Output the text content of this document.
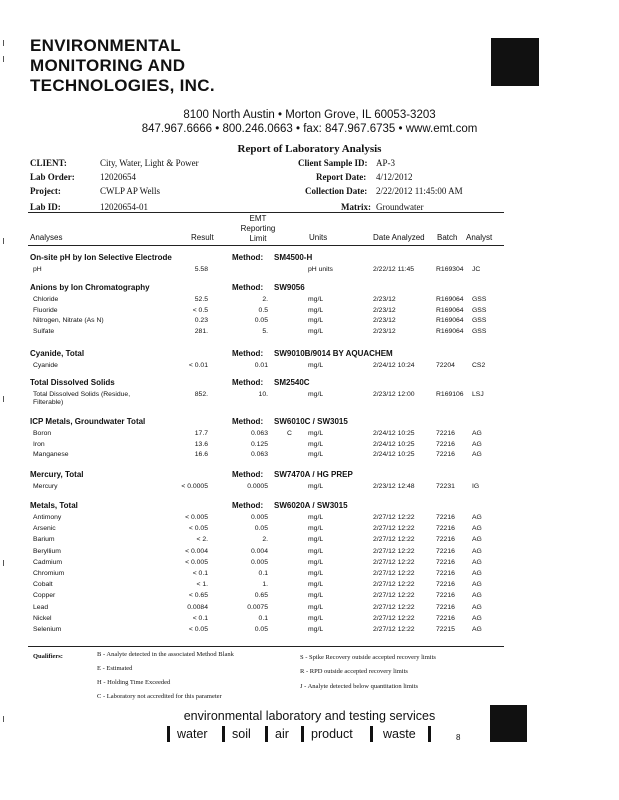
ENVIRONMENTAL
MONITORING AND
TECHNOLOGIES, INC.
8100 North Austin • Morton Grove, IL 60053-3203
847.967.6666 • 800.246.0663 • fax: 847.967.6735 • www.emt.com
Report of Laboratory Analysis
CLIENT:	City, Water, Light & Power
Lab Order:	12020654
Project:	CWLP AP Wells
Lab ID:	12020654-01
Client Sample ID: AP-3
Report Date: 4/12/2012
Collection Date: 2/22/2012 11:45:00 AM
Matrix: Groundwater
Analyses	Result
EMT
Reporting
Limit	Units	Date Analyzed Batch Analyst
On-site pH by Ion Selective Electrode	Method: SM4500-H
pH	5.58	pH units	2/22/12 11:45	R169304 JC
Anions by Ion Chromatography	Method: SW9056
Chloride	52.5	2.	mg/L	2/23/12	R169064 GSS
Fluoride	< 0.5	0.5	mg/L	2/23/12	R169064 GSS
Nitrogen, Nitrate (As N)	0.23	0.05	mg/L	2/23/12	R169064 GSS
Sulfate	281.	5.	mg/L	2/23/12	R169064 GSS
Cyanide, Total	Method: SW9010B/9014 BY AQUACHEM
Cyanide	< 0.01	0.01	mg/L	2/24/12 10:24	72204	CS2
Total Dissolved Solids	Method: SM2540C
Total Dissolved Solids (Residue,	852.	10.	mg/L	2/23/12 12:00	R169106 LSJ
Filterable)
ICP Metals, Groundwater Total	Method: SW6010C / SW3015
Boron	17.7	0.063	C mg/L	2/24/12 10:25	72216	AG
Iron	13.6	0.125	mg/L	2/24/12 10:25	72216	AG
Manganese	16.6	0.063	mg/L	2/24/12 10:25	72216	AG
Mercury, Total	Method: SW7470A / HG PREP
Mercury	< 0.0005	0.0005	mg/L	2/23/12 12:48	72231	IG
Metals, Total	Method: SW6020A / SW3015
Antimony	< 0.005	0.005	mg/L	2/27/12 12:22	72216	AG
Arsenic	< 0.05	0.05	mg/L	2/27/12 12:22	72216	AG
Barium	< 2.	2.	mg/L	2/27/12 12:22	72216	AG
Beryllium	< 0.004	0.004	mg/L	2/27/12 12:22	72216	AG
Cadmium	< 0.005	0.005	mg/L	2/27/12 12:22	72216	AG
Chromium	< 0.1	0.1	mg/L	2/27/12 12:22	72216	AG
Cobalt	< 1.	1.	mg/L	2/27/12 12:22	72216	AG
Copper	< 0.65	0.65	mg/L	2/27/12 12:22	72216	AG
Lead	0.0084	0.0075	mg/L	2/27/12 12:22	72216	AG
Nickel	< 0.1	0.1	mg/L	2/27/12 12:22	72216	AG
Selenium	< 0.05	0.05	mg/L	2/27/12 12:22	72215	AG
Qualifiers:	B - Analyte detected in the associated Method Blank
E - Estimated
H - Holding Time Exceeded
C - Laboratory not accredited for this parameter
S - Spike Recovery outside accepted recovery limits
R - RPD outside accepted recovery limits
J - Analyte detected below quantitation limits
environmental laboratory and testing services
water soil air product waste	8
